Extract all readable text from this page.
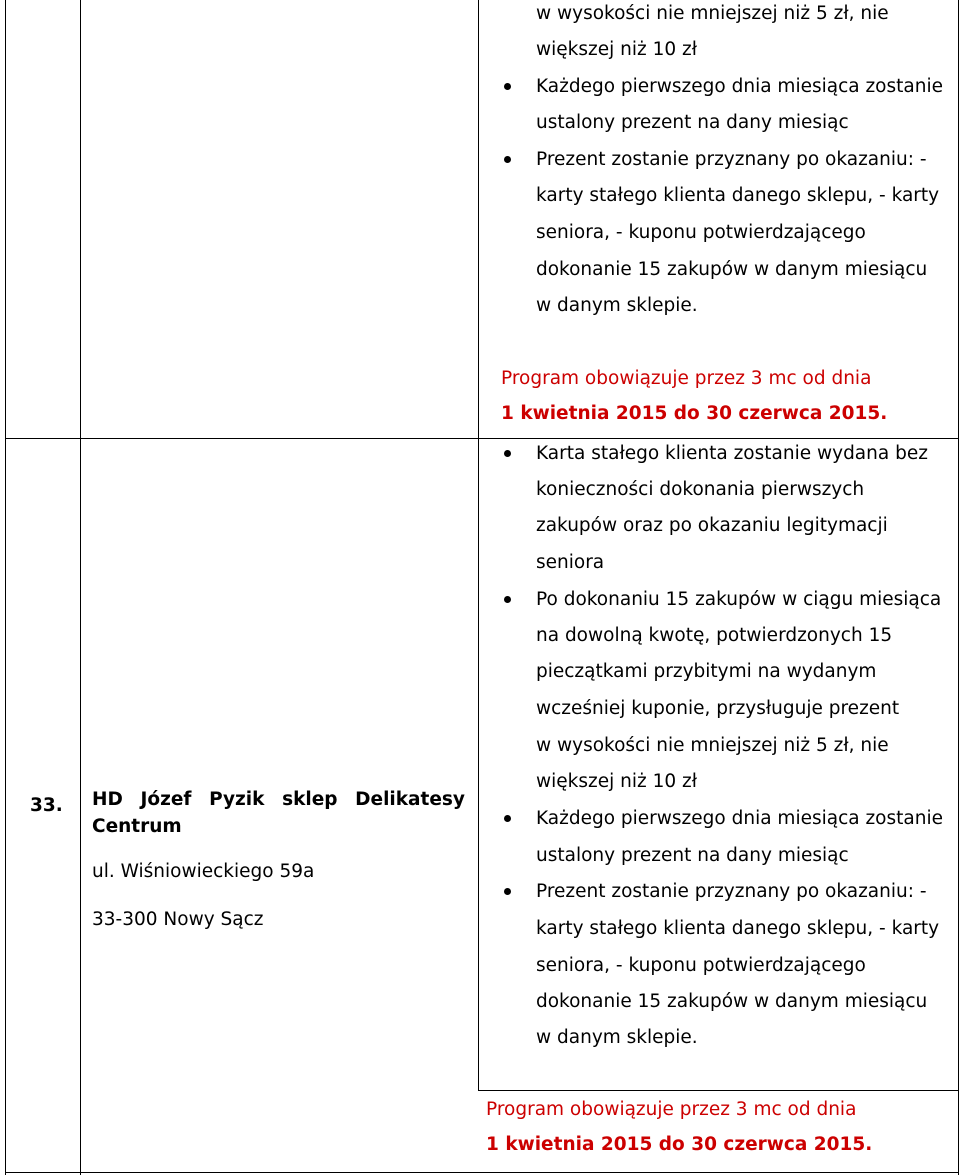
w wysokości nie mniejszej niż 5 zł, nie
większej niż 10 zł
Każdego pierwszego dnia miesiąca zostanie
ustalony prezent na dany miesiąc
Prezent zostanie przyznany po okazaniu: -
karty stałego klienta danego sklepu, - karty
seniora, - kuponu potwierdzającego
dokonanie 15 zakupów w danym miesiącu
w danym sklepie.
Program obowiązuje przez 3 mc od dnia
1 kwietnia 2015 do 30 czerwca 2015.
33. HD Józef Pyzik sklep Delikatesy Centrum
ul. Wiśniowieckiego 59a
33-300 Nowy Sącz
Karta stałego klienta zostanie wydana bez
konieczności dokonania pierwszych
zakupów oraz po okazaniu legitymacji
seniora
Po dokonaniu 15 zakupów w ciągu miesiąca
na dowolną kwotę, potwierdzonych 15
pieczątkami przybitymi na wydanym
wcześniej kuponie, przysługuje prezent
w wysokości nie mniejszej niż 5 zł, nie
większej niż 10 zł
Każdego pierwszego dnia miesiąca zostanie
ustalony prezent na dany miesiąc
Prezent zostanie przyznany po okazaniu: -
karty stałego klienta danego sklepu, - karty
seniora, - kuponu potwierdzającego
dokonanie 15 zakupów w danym miesiącu
w danym sklepie.
Program obowiązuje przez 3 mc od dnia
1 kwietnia 2015 do 30 czerwca 2015.
